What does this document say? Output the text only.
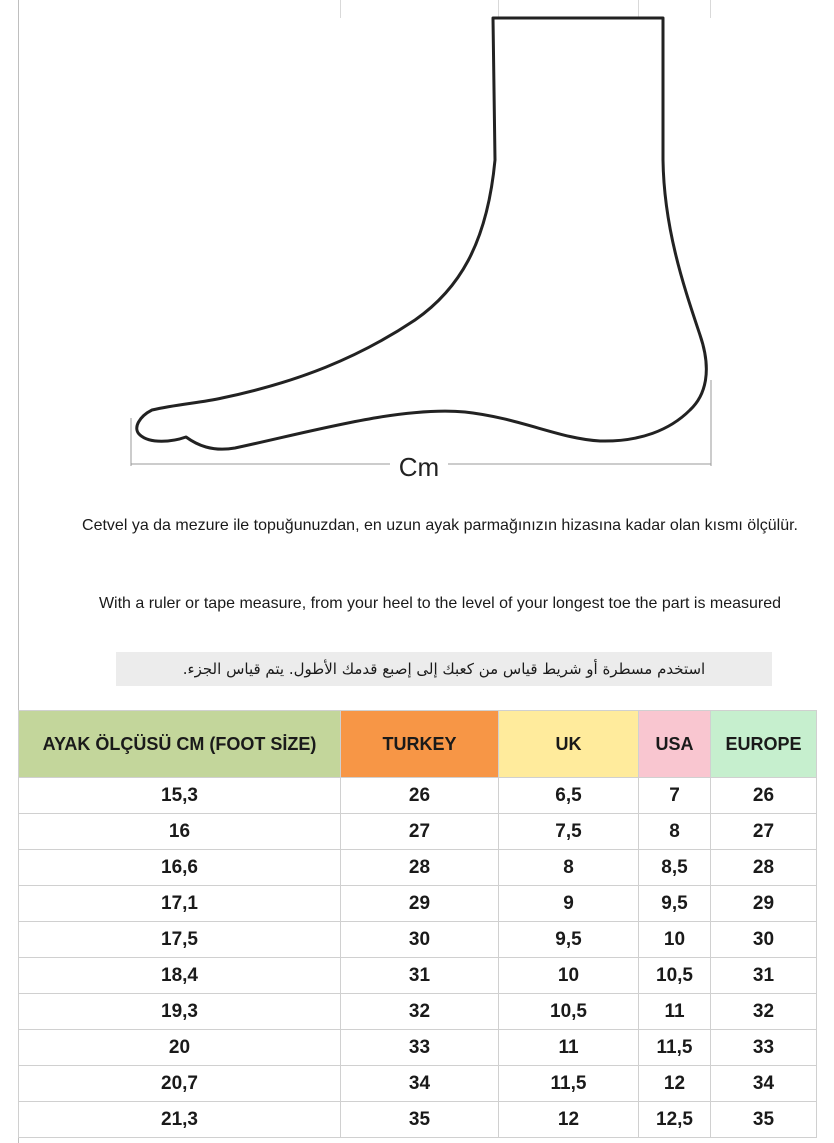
Cm
Cetvel ya da mezure ile topuğunuzdan, en uzun ayak parmağınızın hizasına kadar olan kısmı ölçülür.
With a ruler or tape measure, from your heel to the level of your longest toe the part is measured
استخدم مسطرة أو شريط قياس من كعبك إلى إصبع قدمك الأطول. يتم قياس الجزء.
AYAK ÖLÇÜSÜ CM (FOOT SİZE)	TURKEY	UK	USA	EUROPE
15,3	26	6,5	7	26
16	27	7,5	8	27
16,6	28	8	8,5	28
17,1	29	9	9,5	29
17,5	30	9,5	10	30
18,4	31	10	10,5	31
19,3	32	10,5	11	32
20	33	11	11,5	33
20,7	34	11,5	12	34
21,3	35	12	12,5	35
